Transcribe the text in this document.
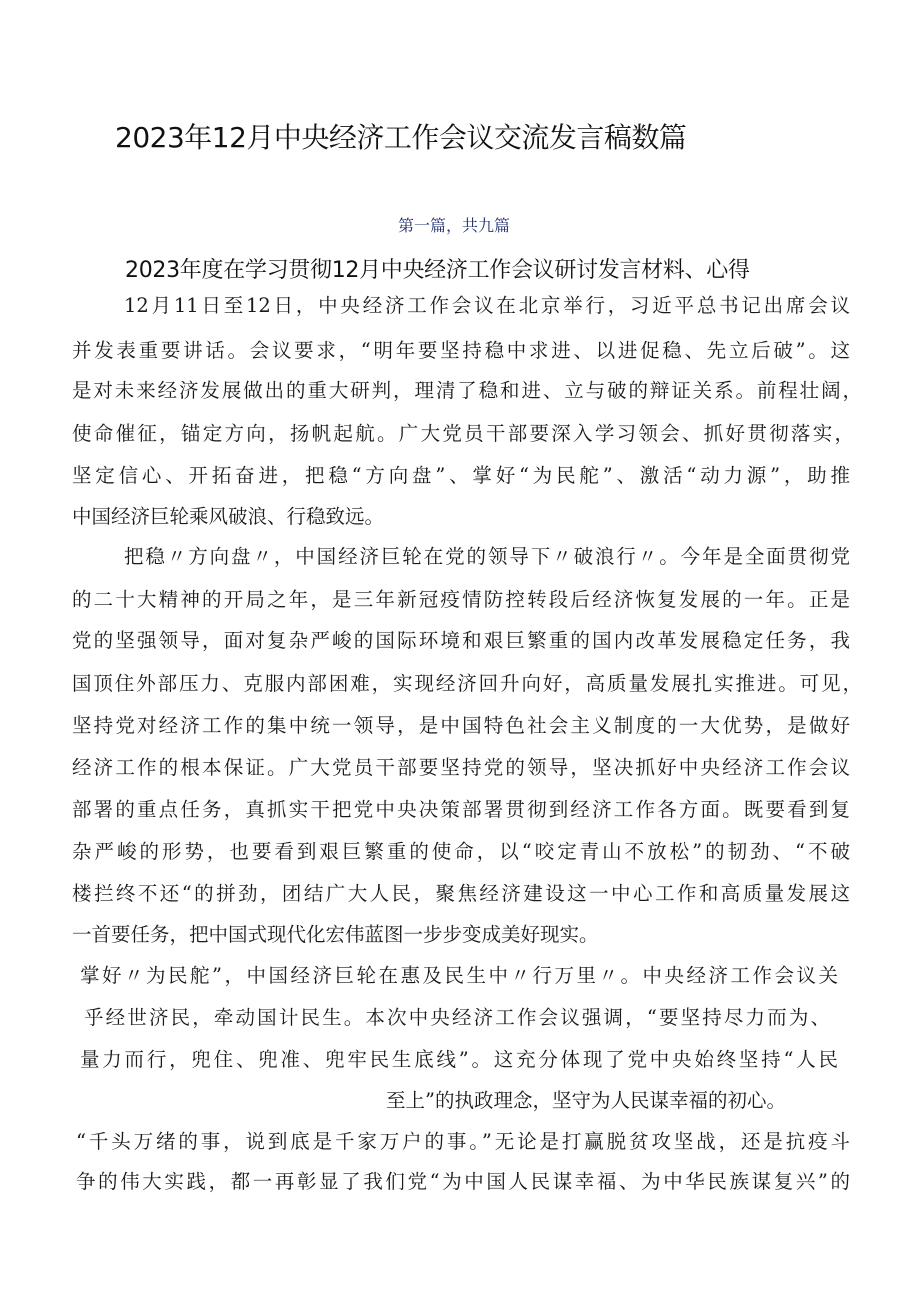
2023年12月中央经济工作会议交流发言稿数篇
第一篇，共九篇
2023年度在学习贯彻12月中央经济工作会议研讨发言材料、心得
12月11日至12日，中央经济工作会议在北京举行，习近平总书记出席会议
并发表重要讲话。会议要求，“明年要坚持稳中求进、以进促稳、先立后破”。这
是对未来经济发展做出的重大研判，理清了稳和进、立与破的辩证关系。前程壮阔，
使命催征，锚定方向，扬帆起航。广大党员干部要深入学习领会、抓好贯彻落实，
坚定信心、开拓奋进，把稳“方向盘”、掌好“为民舵”、激活“动力源”，助推
中国经济巨轮乘风破浪、行稳致远。
把稳〃方向盘〃，中国经济巨轮在党的领导下〃破浪行〃。今年是全面贯彻党
的二十大精神的开局之年，是三年新冠疫情防控转段后经济恢复发展的一年。正是
党的坚强领导，面对复杂严峻的国际环境和艰巨繁重的国内改革发展稳定任务，我
国顶住外部压力、克服内部困难，实现经济回升向好，高质量发展扎实推进。可见，
坚持党对经济工作的集中统一领导，是中国特色社会主义制度的一大优势，是做好
经济工作的根本保证。广大党员干部要坚持党的领导，坚决抓好中央经济工作会议
部署的重点任务，真抓实干把党中央决策部署贯彻到经济工作各方面。既要看到复
杂严峻的形势，也要看到艰巨繁重的使命，以“咬定青山不放松”的韧劲、“不破
楼拦终不还“的拼劲，团结广大人民，聚焦经济建设这一中心工作和高质量发展这
一首要任务，把中国式现代化宏伟蓝图一步步变成美好现实。
掌好〃为民舵”，中国经济巨轮在惠及民生中〃行万里〃。中央经济工作会议关
乎经世济民，牵动国计民生。本次中央经济工作会议强调，“要坚持尽力而为、
量力而行，兜住、兜准、兜牢民生底线”。这充分体现了党中央始终坚持“人民
至上”的执政理念，坚守为人民谋幸福的初心。
“千头万绪的事，说到底是千家万户的事。”无论是打赢脱贫攻坚战，还是抗疫斗
争的伟大实践，都一再彰显了我们党“为中国人民谋幸福、为中华民族谋复兴”的
